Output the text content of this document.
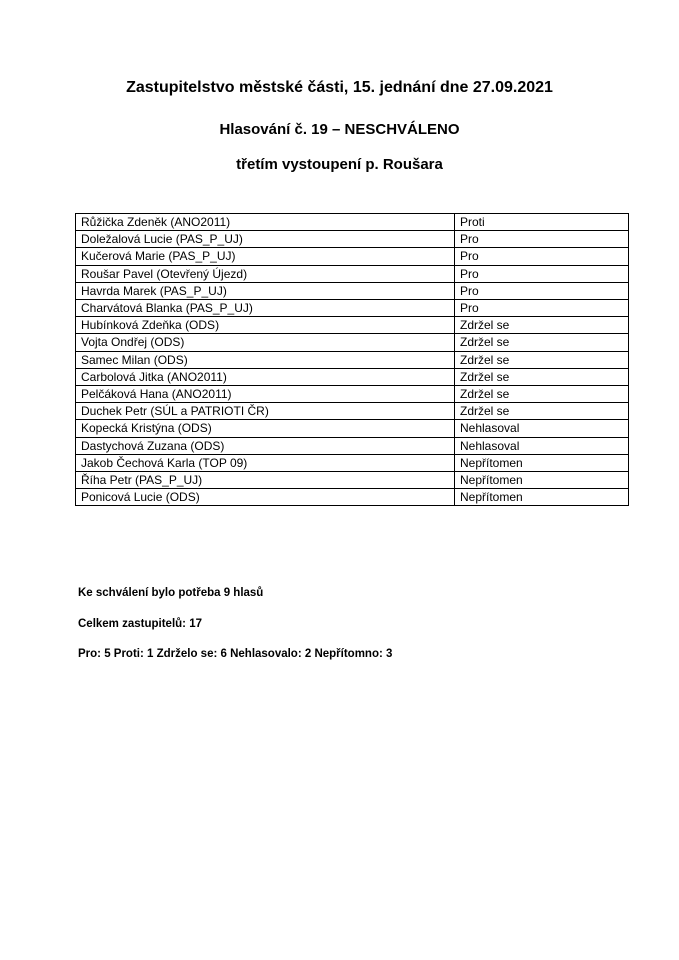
Zastupitelstvo městské části, 15. jednání dne 27.09.2021
Hlasování č. 19 – NESCHVÁLENO
třetím vystoupení p. Roušara
Růžička Zdeněk (ANO2011)	Proti
Doležalová Lucie (PAS_P_UJ)	Pro
Kučerová Marie (PAS_P_UJ)	Pro
Roušar Pavel (Otevřený Újezd)	Pro
Havrda Marek (PAS_P_UJ)	Pro
Charvátová Blanka (PAS_P_UJ)	Pro
Hubínková Zdeňka (ODS)	Zdržel se
Vojta Ondřej (ODS)	Zdržel se
Samec Milan (ODS)	Zdržel se
Carbolová Jitka (ANO2011)	Zdržel se
Pelčáková Hana (ANO2011)	Zdržel se
Duchek Petr (SÚL a PATRIOTI ČR)	Zdržel se
Kopecká Kristýna (ODS)	Nehlasoval
Dastychová Zuzana (ODS)	Nehlasoval
Jakob Čechová Karla (TOP 09)	Nepřítomen
Říha Petr (PAS_P_UJ)	Nepřítomen
Ponicová Lucie (ODS)	Nepřítomen
Ke schválení bylo potřeba 9 hlasů
Celkem zastupitelů: 17
Pro: 5 Proti: 1 Zdrželo se: 6 Nehlasovalo: 2 Nepřítomno: 3
